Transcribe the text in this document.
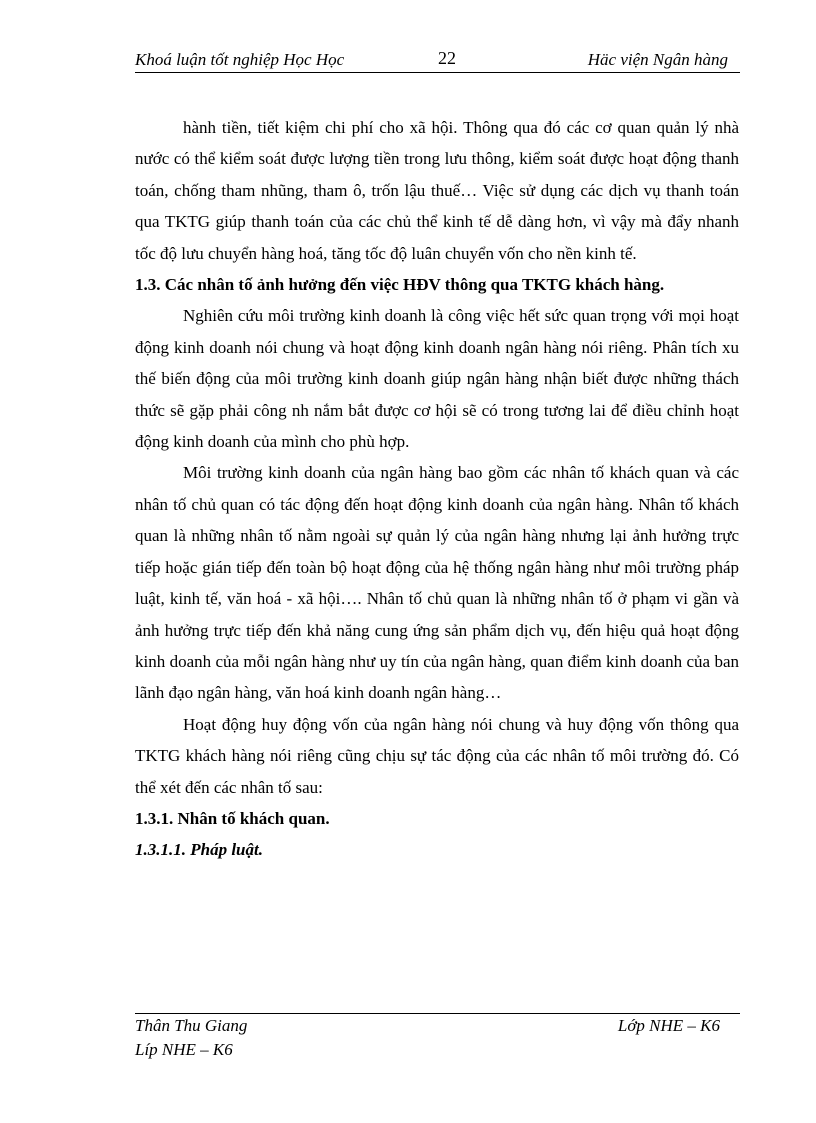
Khoá luận tốt nghiệp Học Học	22	Häc viện Ngân hàng

hành tiền, tiết kiệm chi phí cho xã hội. Thông qua đó các cơ quan quản lý nhà nước có thể kiểm soát được lượng tiền trong lưu thông, kiểm soát được hoạt động thanh toán, chống tham nhũng, tham ô, trốn lậu thuế… Việc sử dụng các dịch vụ thanh toán qua TKTG giúp thanh toán của các chủ thể kinh tế dễ dàng hơn, vì vậy mà đẩy nhanh tốc độ lưu chuyển hàng hoá, tăng tốc độ luân chuyển vốn cho nền kinh tế.

1.3. Các nhân tố ảnh hưởng đến việc HĐV thông qua TKTG khách hàng.

Nghiên cứu môi trường kinh doanh là công việc hết sức quan trọng với mọi hoạt động kinh doanh nói chung và hoạt động kinh doanh ngân hàng nói riêng. Phân tích xu thế biến động của môi trường kinh doanh giúp ngân hàng nhận biết được những thách thức sẽ gặp phải công nh nắm bắt được cơ hội sẽ có trong tương lai để điều chỉnh hoạt động kinh doanh của mình cho phù hợp.

Môi trường kinh doanh của ngân hàng bao gồm các nhân tố khách quan và các nhân tố chủ quan có tác động đến hoạt động kinh doanh của ngân hàng. Nhân tố khách quan là những nhân tố nằm ngoài sự quản lý của ngân hàng nhưng lại ảnh hưởng trực tiếp hoặc gián tiếp đến toàn bộ hoạt động của hệ thống ngân hàng như môi trường pháp luật, kinh tế, văn hoá - xã hội…. Nhân tố chủ quan là những nhân tố ở phạm vi gần và ảnh hưởng trực tiếp đến khả năng cung ứng sản phẩm dịch vụ, đến hiệu quả hoạt động kinh doanh của mỗi ngân hàng như uy tín của ngân hàng, quan điểm kinh doanh của ban lãnh đạo ngân hàng, văn hoá kinh doanh ngân hàng…

Hoạt động huy động vốn của ngân hàng nói chung và huy động vốn thông qua TKTG khách hàng nói riêng cũng chịu sự tác động của các nhân tố môi trường đó. Có thể xét đến các nhân tố sau:

1.3.1. Nhân tố khách quan.

1.3.1.1. Pháp luật.

Thân Thu Giang	Lớp NHE – K6
Líp NHE – K6
